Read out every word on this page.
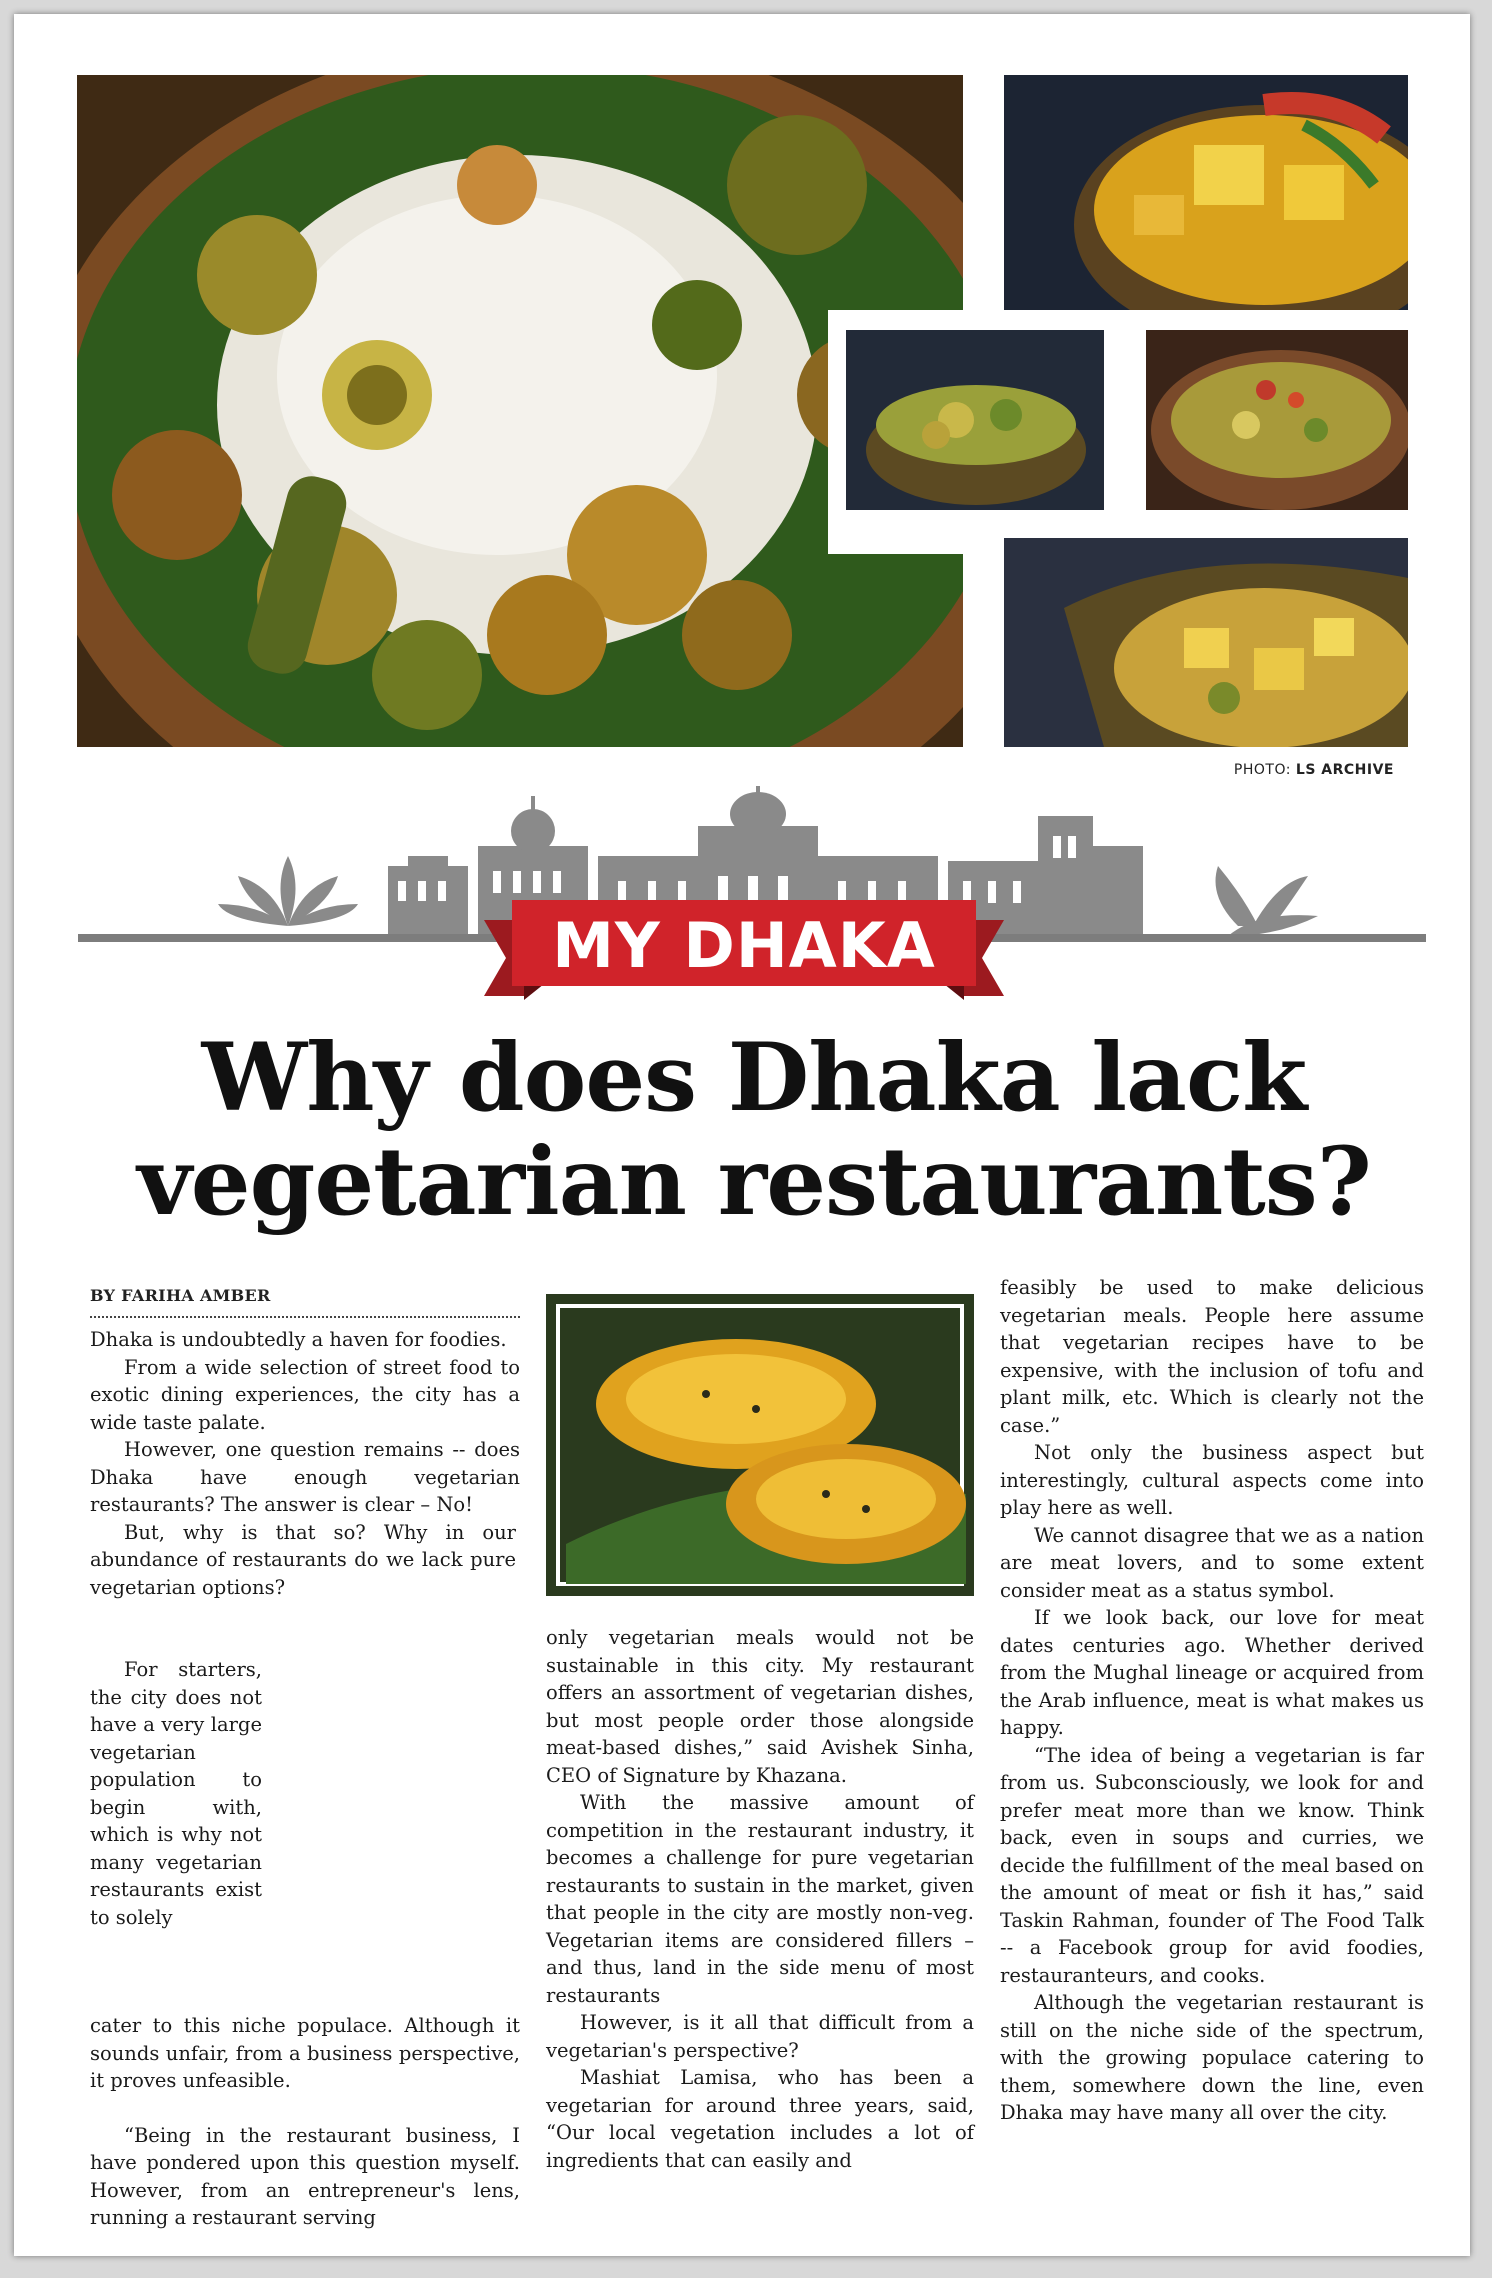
PHOTO: LS ARCHIVE
MY DHAKA
Why does Dhaka lack
vegetarian restaurants?
BY FARIHA AMBER

Dhaka is undoubtedly a haven for foodies.

From a wide selection of street food to exotic dining experiences, the city has a wide taste palate.

However, one question remains -- does Dhaka have enough vegetarian restaurants? The answer is clear – No!

But, why is that so? Why in our abundance of restaurants do we lack pure vegetarian options?

For starters, the city does not have a very large vegetarian population to begin with, which is why not many vegetarian restaurants exist to solely

cater to this niche populace. Although it sounds unfair, from a business perspective, it proves unfeasible.

“Being in the restaurant business, I have pondered upon this question myself. However, from an entrepreneur's lens, running a restaurant serving

only vegetarian meals would not be sustainable in this city. My restaurant offers an assortment of vegetarian dishes, but most people order those alongside meat-based dishes,” said Avishek Sinha, CEO of Signature by Khazana.

With the massive amount of competition in the restaurant industry, it becomes a challenge for pure vegetarian restaurants to sustain in the market, given that people in the city are mostly non-veg. Vegetarian items are considered fillers – and thus, land in the side menu of most restaurants

However, is it all that difficult from a vegetarian's perspective?

Mashiat Lamisa, who has been a vegetarian for around three years, said, “Our local vegetation includes a lot of ingredients that can easily and

feasibly be used to make delicious vegetarian meals. People here assume that vegetarian recipes have to be expensive, with the inclusion of tofu and plant milk, etc. Which is clearly not the case.”

Not only the business aspect but interestingly, cultural aspects come into play here as well.

We cannot disagree that we as a nation are meat lovers, and to some extent consider meat as a status symbol.

If we look back, our love for meat dates centuries ago. Whether derived from the Mughal lineage or acquired from the Arab influence, meat is what makes us happy.

“The idea of being a vegetarian is far from us. Subconsciously, we look for and prefer meat more than we know. Think back, even in soups and curries, we decide the fulfillment of the meal based on the amount of meat or fish it has,” said Taskin Rahman, founder of The Food Talk -- a Facebook group for avid foodies, restauranteurs, and cooks.

Although the vegetarian restaurant is still on the niche side of the spectrum, with the growing populace catering to them, somewhere down the line, even Dhaka may have many all over the city.
